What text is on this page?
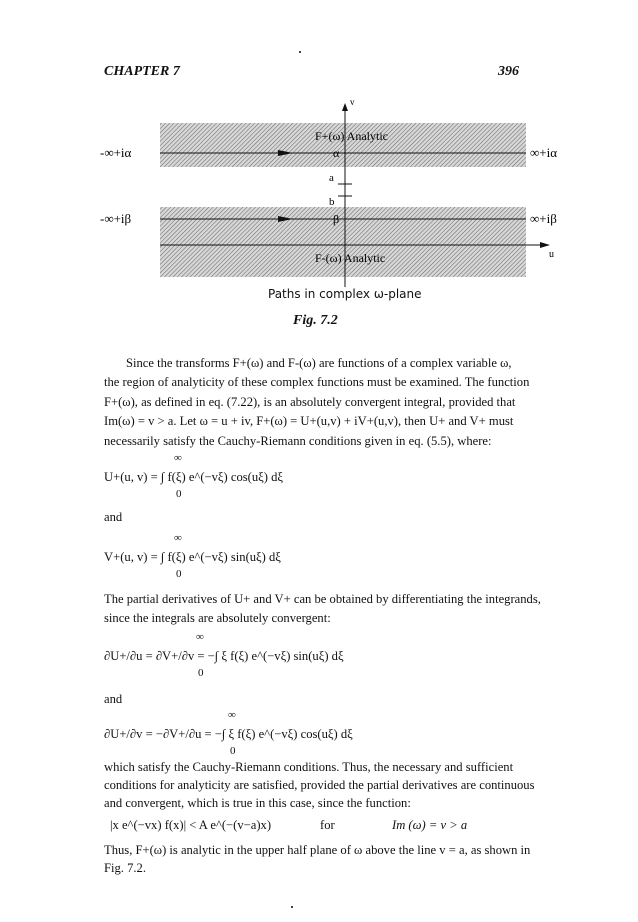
CHAPTER 7	396
v
u
F+(ω) Analytic
F-(ω) Analytic
α
β
a
b
-∞+iα	∞+iα
-∞+iβ	∞+iβ
Paths in complex ω-plane
Fig. 7.2
Since the transforms F+(ω) and F-(ω) are functions of a complex variable ω, the region of analyticity of these complex functions must be examined. The function F+(ω), as defined in eq. (7.22), is an absolutely convergent integral, provided that Im(ω) = v > a. Let ω = u + iv, F+(ω) = U+(u,v) + iV+(u,v), then U+ and V+ must necessarily satisfy the Cauchy-Riemann conditions given in eq. (5.5), where:
∞
U+(u, v) = ∫ f(ξ) e^(−vξ) cos(uξ) dξ
0
and
∞
V+(u, v) = ∫ f(ξ) e^(−vξ) sin(uξ) dξ
0
The partial derivatives of U+ and V+ can be obtained by differentiating the integrands, since the integrals are absolutely convergent:
∞
∂U+/∂u = ∂V+/∂v = −∫ ξ f(ξ) e^(−vξ) sin(uξ) dξ
0
and
∞
∂U+/∂v = −∂V+/∂u = −∫ ξ f(ξ) e^(−vξ) cos(uξ) dξ
0
which satisfy the Cauchy-Riemann conditions. Thus, the necessary and sufficient conditions for analyticity are satisfied, provided the partial derivatives are continuous and convergent, which is true in this case, since the function:
|x e^(−vx) f(x)| < A e^(−(v−a)x)	for	Im (ω) = v > a
Thus, F+(ω) is analytic in the upper half plane of ω above the line v = a, as shown in Fig. 7.2.
